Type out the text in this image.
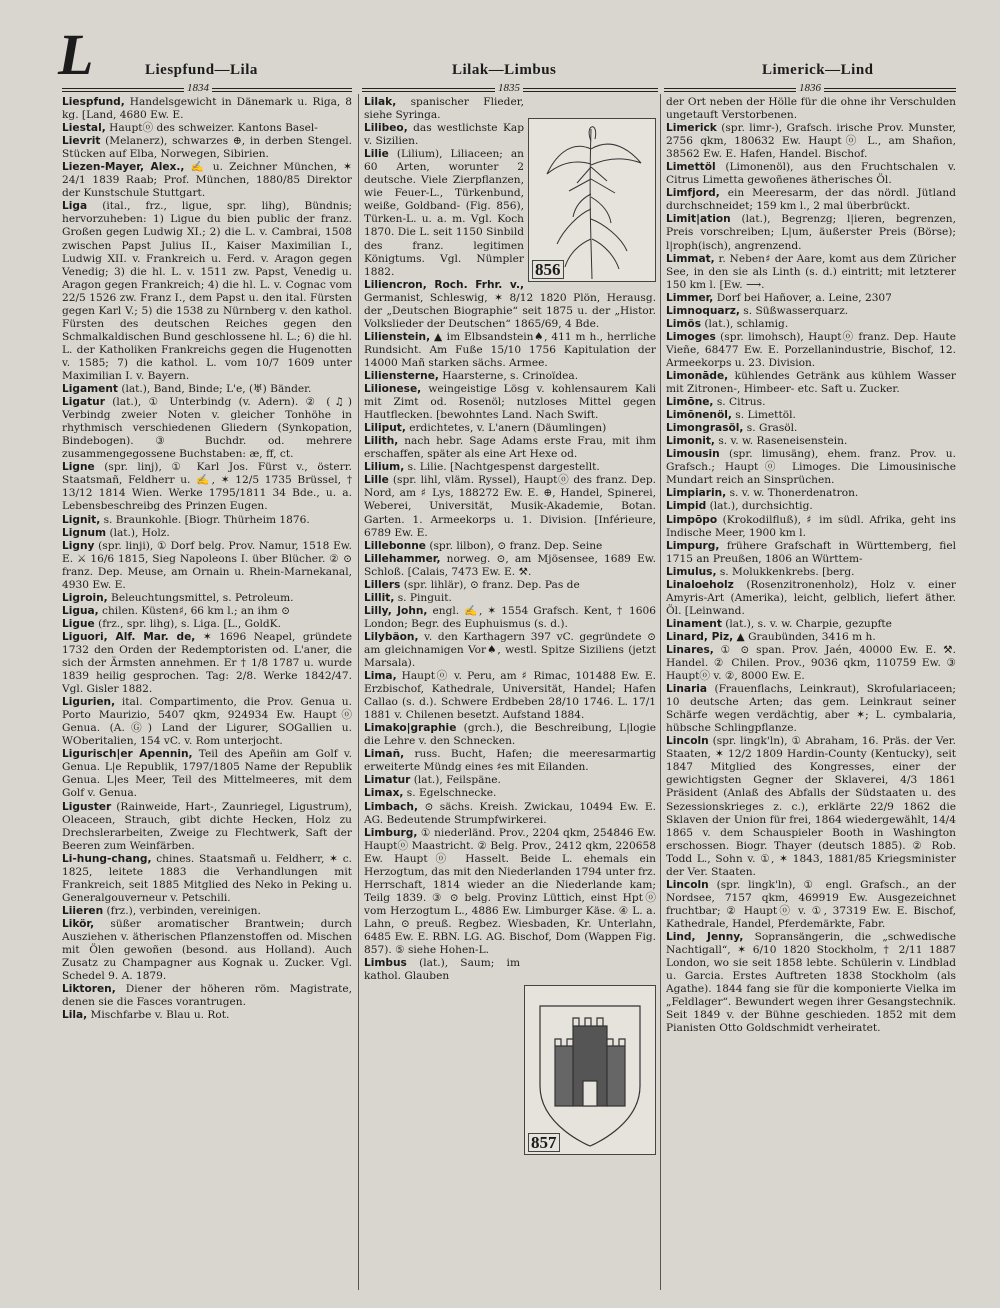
L	Liespfund—Lila	Lilak—Limbus	Limerick—Lind
1834	1835	1836

Liespfund, Handelsgewicht in Dänemark u. Riga, 8 kg. [Land, 4680 Ew. E.

Liestal, Hauptⓞ des schweizer. Kantons Basel-

Lievrit (Melanerz), schwarzes ⊕, in derben Stengel. Stücken auf Elba, Norwegen, Sibirien.

Liezen-Mayer, Alex., ✍ u. Zeichner München, ✶ 24/1 1839 Raab; Prof. München, 1880/85 Direktor der Kunstschule Stuttgart.

Liga (ital., frz., ligue, spr. lihg), Bündnis; hervorzuheben: 1) Ligue du bien public der franz. Großen gegen Ludwig XI.; 2) die L. v. Cambrai, 1508 zwischen Papst Julius II., Kaiser Maximilian I., Ludwig XII. v. Frankreich u. Ferd. v. Aragon gegen Venedig; 3) die hl. L. v. 1511 zw. Papst, Venedig u. Aragon gegen Frankreich; 4) die hl. L. v. Cognac vom 22/5 1526 zw. Franz I., dem Papst u. den ital. Fürsten gegen Karl V.; 5) die 1538 zu Nürnberg v. den kathol. Fürsten des deutschen Reiches gegen den Schmalkaldischen Bund geschlossene hl. L.; 6) die hl. L. der Katholiken Frankreichs gegen die Hugenotten v. 1585; 7) die kathol. L. vom 10/7 1609 unter Maximilian I. v. Bayern.

Ligament (lat.), Band, Binde; L'e, (♅) Bänder.

Ligatur (lat.), ① Unterbindg (v. Adern). ② (♫) Verbindg zweier Noten v. gleicher Tonhöhe in rhythmisch verschiedenen Gliedern (Synkopation, Bindebogen). ③ Buchdr. od. mehrere zusammengegossene Buchstaben: æ, ff, ct.

Ligne (spr. linj), ① Karl Jos. Fürst v., österr. Staatsmañ, Feldherr u. ✍, ✶ 12/5 1735 Brüssel, † 13/12 1814 Wien. Werke 1795/1811 34 Bde., u. a. Lebensbeschreibg des Prinzen Eugen.

Lignit, s. Braunkohle. [Biogr. Thürheim 1876.

Lignum (lat.), Holz.

Ligny (spr. linji), ① Dorf belg. Prov. Namur, 1518 Ew. E. ⚔ 16/6 1815, Sieg Napoleons I. über Blücher. ② ⊙ franz. Dep. Meuse, am Ornain u. Rhein-Marnekanal, 4930 Ew. E.

Ligroin, Beleuchtungsmittel, s. Petroleum.

Ligua, chilen. Küsten♯, 66 km l.; an ihm ⊙

Ligue (frz., spr. lihg), s. Liga. [L., GoldK.

Liguori, Alf. Mar. de, ✶ 1696 Neapel, gründete 1732 den Orden der Redemptoristen od. L'aner, die sich der Ärmsten annehmen. Er † 1/8 1787 u. wurde 1839 heilig gesprochen. Tag: 2/8. Werke 1842/47. Vgl. Gisler 1882.

Ligurien, ital. Compartimento, die Prov. Genua u. Porto Maurizio, 5407 qkm, 924934 Ew. Hauptⓞ Genua. (A.Ⓖ) Land der Ligurer, SOGallien u. WOberitalien, 154 vC. v. Rom unterjocht.

Ligurisch|er Apennin, Teil des Apeñin am Golf v. Genua. L|e Republik, 1797/1805 Name der Republik Genua. L|es Meer, Teil des Mittelmeeres, mit dem Golf v. Genua.

Liguster (Rainweide, Hart-, Zaunriegel, Ligustrum), Oleaceen, Strauch, gibt dichte Hecken, Holz zu Drechslerarbeiten, Zweige zu Flechtwerk, Saft der Beeren zum Weinfärben.

Li-hung-chang, chines. Staatsmañ u. Feldherr, ✶ c. 1825, leitete 1883 die Verhandlungen mit Frankreich, seit 1885 Mitglied des Neko in Peking u. Generalgouverneur v. Petschili.

Liieren (frz.), verbinden, vereinigen.

Likör, süßer aromatischer Brantwein; durch Ausziehen v. ätherischen Pflanzenstoffen od. Mischen mit Ölen gewoñen (besond. aus Holland). Auch Zusatz zu Champagner aus Kognak u. Zucker. Vgl. Schedel 9. A. 1879.

Liktoren, Diener der höheren röm. Magistrate, denen sie die Fasces vorantrugen.

Lila, Mischfarbe v. Blau u. Rot.

856

Lilak, spanischer Flieder, siehe Syringa.

Lilibeo, das westlichste Kap v. Sizilien.

Lilie (Lilium), Liliaceen; an 60 Arten, worunter 2 deutsche. Viele Zierpflanzen, wie Feuer-L., Türkenbund, weiße, Goldband- (Fig. 856), Türken-L. u. a. m. Vgl. Koch 1870. Die L. seit 1150 Sinbild des franz. legitimen Königtums. Vgl. Nümpler 1882.

Liliencron, Roch. Frhr. v., Germanist, Schleswig, ✶ 8/12 1820 Plön, Herausg. der „Deutschen Biographie“ seit 1875 u. der „Histor. Volkslieder der Deutschen“ 1865/69, 4 Bde.

Lilienstein, ▲ im Elbsandstein♠, 411 m h., herrliche Rundsicht. Am Fuße 15/10 1756 Kapitulation der 14000 Mañ starken sächs. Armee.

Liliensterne, Haarsterne, s. Crinoïdea.

Lilionese, weingeistige Lösg v. kohlensaurem Kali mit Zimt od. Rosenöl; nutzloses Mittel gegen Hautflecken. [bewohntes Land. Nach Swift.

Liliput, erdichtetes, v. L'anern (Däumlingen)

Lilith, nach hebr. Sage Adams erste Frau, mit ihm erschaffen, später als eine Art Hexe od.

Lilium, s. Lilie. [Nachtgespenst dargestellt.

Lille (spr. lihl, vläm. Ryssel), Hauptⓞ des franz. Dep. Nord, am ♯ Lys, 188272 Ew. E. ⊕, Handel, Spinerei, Weberei, Universität, Musik-Akademie, Botan. Garten. 1. Armeekorps u. 1. Division. [Inférieure, 6789 Ew. E.

Lillebonne (spr. lilbon), ⊙ franz. Dep. Seine

Lillehammer, norweg. ⊙, am Mjösensee, 1689 Ew. Schloß. [Calais, 7473 Ew. E. ⚒.

Lillers (spr. lihlär), ⊙ franz. Dep. Pas de

Lillit, s. Pinguit.

Lilly, John, engl. ✍, ✶ 1554 Grafsch. Kent, † 1606 London; Begr. des Euphuismus (s. d.).

Lilybäon, v. den Karthagern 397 vC. gegründete ⊙ am gleichnamigen Vor♠, westl. Spitze Siziliens (jetzt Marsala).

Lima, Hauptⓞ v. Peru, am ♯ Rimac, 101488 Ew. E. Erzbischof, Kathedrale, Universität, Handel; Hafen Callao (s. d.). Schwere Erdbeben 28/10 1746. L. 17/1 1881 v. Chilenen besetzt. Aufstand 1884.

Limako|graphie (grch.), die Beschreibung, L|logie die Lehre v. den Schnecken.

Limañ, russ. Bucht, Hafen; die meeresarmartig erweiterte Mündg eines ♯es mit Eilanden.

Limatur (lat.), Feilspäne.

Limax, s. Egelschnecke.

Limbach, ⊙ sächs. Kreish. Zwickau, 10494 Ew. E. AG. Bedeutende Strumpfwirkerei.

Limburg, ① niederländ. Prov., 2204 qkm, 254846 Ew. Hauptⓞ Maastricht. ② Belg. Prov., 2412 qkm, 220658 Ew. Hauptⓞ Hasselt. Beide L. ehemals ein Herzogtum, das mit den Niederlanden 1794 unter frz. Herrschaft, 1814 wieder an die Niederlande kam; Teilg 1839. ③ ⊙ belg. Provinz Lüttich, einst Hptⓞ vom Herzogtum L., 4886 Ew. Limburger Käse. ④ L. a. Lahn, ⊙ preuß. Regbez. Wiesbaden, Kr. Unterlahn, 6485 Ew. E. RBN. LG. AG. Bischof, Dom (Wappen Fig. 857). ⑤ siehe Hohen-L.

857

Limbus (lat.), Saum; im kathol. Glauben

der Ort neben der Hölle für die ohne ihr Verschulden ungetauft Verstorbenen.

Limerick (spr. limr-), Grafsch. irische Prov. Munster, 2756 qkm, 180632 Ew. Hauptⓞ L., am Shañon, 38562 Ew. E. Hafen, Handel. Bischof.

Limettöl (Limonenöl), aus den Fruchtschalen v. Citrus Limetta gewoñenes ätherisches Öl.

Limfjord, ein Meeresarm, der das nördl. Jütland durchschneidet; 159 km l., 2 mal überbrückt.

Limit|ation (lat.), Begrenzg; l|ieren, begrenzen, Preis vorschreiben; L|um, äußerster Preis (Börse); l|roph(isch), angrenzend.

Limmat, r. Neben♯ der Aare, komt aus dem Züricher See, in den sie als Linth (s. d.) eintritt; mit letzterer 150 km l. [Ew. ⟶.

Limmer, Dorf bei Hañover, a. Leine, 2307

Limnoquarz, s. Süßwasserquarz.

Limös (lat.), schlamig.

Limoges (spr. limohsch), Hauptⓞ franz. Dep. Haute Vieñe, 68477 Ew. E. Porzellanindustrie, Bischof, 12. Armeekorps u. 23. Division.

Limonāde, kühlendes Getränk aus kühlem Wasser mit Zitronen-, Himbeer- etc. Saft u. Zucker.

Limōne, s. Citrus.

Limōnenöl, s. Limettöl.

Limongrasöl, s. Grasöl.

Limonit, s. v. w. Raseneisenstein.

Limousin (spr. limusäng), ehem. franz. Prov. u. Grafsch.; Hauptⓞ Limoges. Die Limousinische Mundart reich an Sinsprüchen.

Limpiarin, s. v. w. Thonerdenatron.

Limpid (lat.), durchsichtig.

Limpōpo (Krokodilfluß), ♯ im südl. Afrika, geht ins Indische Meer, 1900 km l.

Limpurg, frühere Grafschaft in Württemberg, fiel 1715 an Preußen, 1806 an Württem-

Limulus, s. Molukkenkrebs. [berg.

Linaloeholz (Rosenzitronenholz), Holz v. einer Amyris-Art (Amerika), leicht, gelblich, liefert äther. Öl. [Leinwand.

Linament (lat.), s. v. w. Charpie, gezupfte

Linard, Piz, ▲ Graubünden, 3416 m h.

Linares, ① ⊙ span. Prov. Jaén, 40000 Ew. E. ⚒. Handel. ② Chilen. Prov., 9036 qkm, 110759 Ew. ③ Hauptⓞ v. ②, 8000 Ew. E.

Linaria (Frauenflachs, Leinkraut), Skrofulariaceen; 10 deutsche Arten; das gem. Leinkraut seiner Schärfe wegen verdächtig, aber ✶; L. cymbalaria, hübsche Schlingpflanze.

Lincoln (spr. lingk'ln), ① Abraham, 16. Präs. der Ver. Staaten, ✶ 12/2 1809 Hardin-County (Kentucky), seit 1847 Mitglied des Kongresses, einer der gewichtigsten Gegner der Sklaverei, 4/3 1861 Präsident (Anlaß des Abfalls der Südstaaten u. des Sezessionskrieges z. c.), erklärte 22/9 1862 die Sklaven der Union für frei, 1864 wiedergewählt, 14/4 1865 v. dem Schauspieler Booth in Washington erschossen. Biogr. Thayer (deutsch 1885). ② Rob. Todd L., Sohn v. ①, ✶ 1843, 1881/85 Kriegsminister der Ver. Staaten.

Lincoln (spr. lingk'ln), ① engl. Grafsch., an der Nordsee, 7157 qkm, 469919 Ew. Ausgezeichnet fruchtbar; ② Hauptⓞ v. ①, 37319 Ew. E. Bischof, Kathedrale, Handel, Pferdemärkte, Fabr.

Lind, Jenny, Sopransängerin, die „schwedische Nachtigall“, ✶ 6/10 1820 Stockholm, † 2/11 1887 London, wo sie seit 1858 lebte. Schülerin v. Lindblad u. Garcia. Erstes Auftreten 1838 Stockholm (als Agathe). 1844 fang sie für die komponierte Vielka im „Feldlager“. Bewundert wegen ihrer Gesangstechnik. Seit 1849 v. der Bühne geschieden. 1852 mit dem Pianisten Otto Goldschmidt verheiratet.
